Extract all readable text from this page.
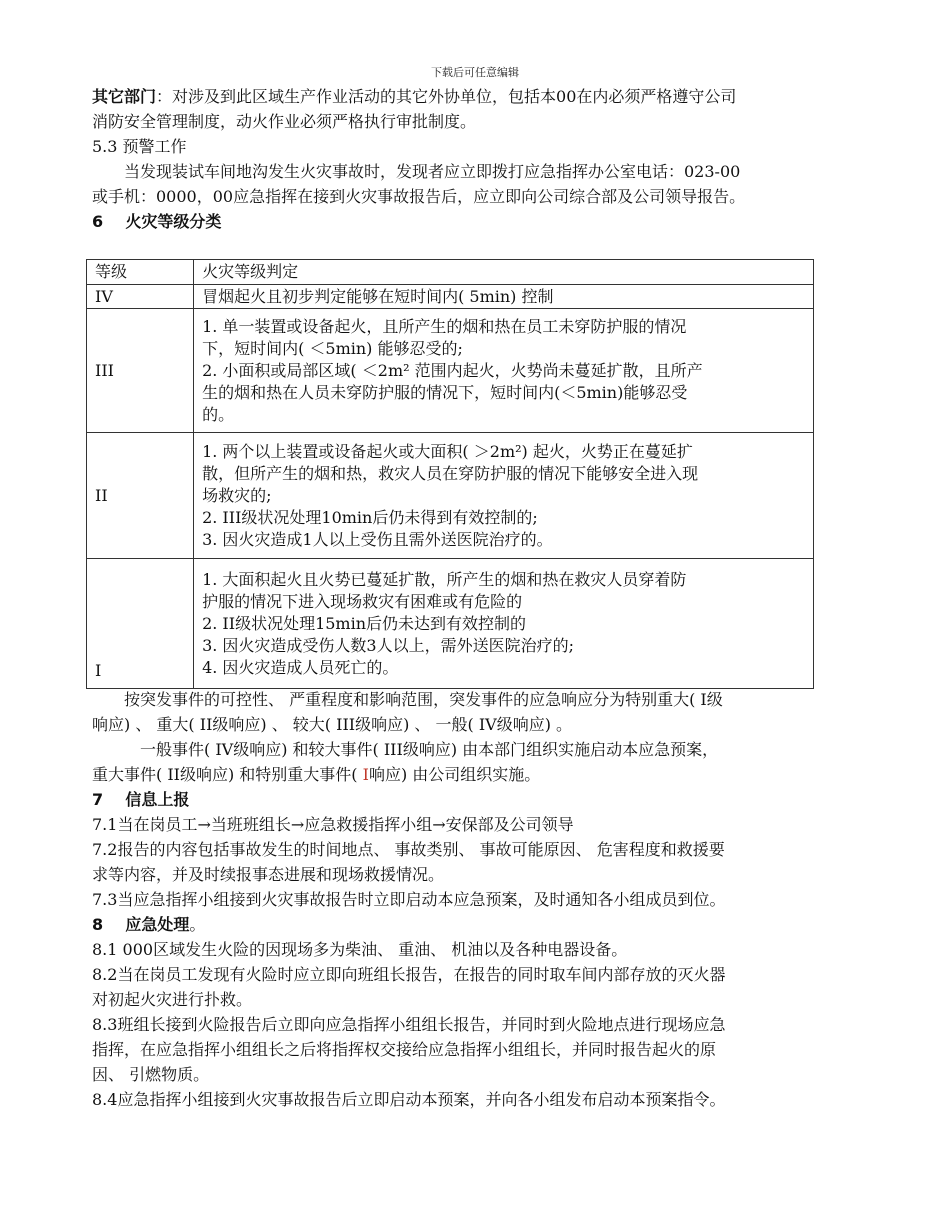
下载后可任意编辑
其它部门：对涉及到此区域生产作业活动的其它外协单位，包括本00在内必须严格遵守公司
消防安全管理制度，动火作业必须严格执行审批制度。
5.3 预警工作
当发现装试车间地沟发生火灾事故时，发现者应立即拨打应急指挥办公室电话：023-00
或手机：0000，00应急指挥在接到火灾事故报告后，应立即向公司综合部及公司领导报告。
6    火灾等级分类
等级	火灾等级判定
IV	冒烟起火且初步判定能够在短时间内( 5min) 控制

III	1. 单一装置或设备起火，且所产生的烟和热在员工未穿防护服的情况
下，短时间内( ＜5min) 能够忍受的;
2. 小面积或局部区域( ＜2m² 范围内起火，火势尚未蔓延扩散，且所产
生的烟和热在人员未穿防护服的情况下，短时间内(＜5min)能够忍受
的。

II	1. 两个以上装置或设备起火或大面积( ＞2m²) 起火，火势正在蔓延扩
散，但所产生的烟和热，救灾人员在穿防护服的情况下能够安全进入现
场救灾的;
2. III级状况处理10min后仍未得到有效控制的;
3. 因火灾造成1人以上受伤且需外送医院治疗的。

I	1. 大面积起火且火势已蔓延扩散，所产生的烟和热在救灾人员穿着防
护服的情况下进入现场救灾有困难或有危险的
2. II级状况处理15min后仍未达到有效控制的
3. 因火灾造成受伤人数3人以上，需外送医院治疗的;
4. 因火灾造成人员死亡的。
按突发事件的可控性、 严重程度和影响范围，突发事件的应急响应分为特别重大( Ⅰ级
响应) 、 重大( II级响应) 、 较大( III级响应) 、 一般( IV级响应) 。
一般事件( IV级响应) 和较大事件( III级响应) 由本部门组织实施启动本应急预案，
重大事件( II级响应) 和特别重大事件( Ⅰ响应) 由公司组织实施。
7    信息上报
7.1当在岗员工→当班班组长→应急救援指挥小组→安保部及公司领导
7.2报告的内容包括事故发生的时间地点、 事故类别、 事故可能原因、 危害程度和救援要
求等内容，并及时续报事态进展和现场救援情况。
7.3当应急指挥小组接到火灾事故报告时立即启动本应急预案，及时通知各小组成员到位。
8    应急处理。
8.1 000区域发生火险的因现场多为柴油、 重油、 机油以及各种电器设备。
8.2当在岗员工发现有火险时应立即向班组长报告，在报告的同时取车间内部存放的灭火器
对初起火灾进行扑救。
8.3班组长接到火险报告后立即向应急指挥小组组长报告，并同时到火险地点进行现场应急
指挥，在应急指挥小组组长之后将指挥权交接给应急指挥小组组长，并同时报告起火的原
因、 引燃物质。
8.4应急指挥小组接到火灾事故报告后立即启动本预案，并向各小组发布启动本预案指令。
